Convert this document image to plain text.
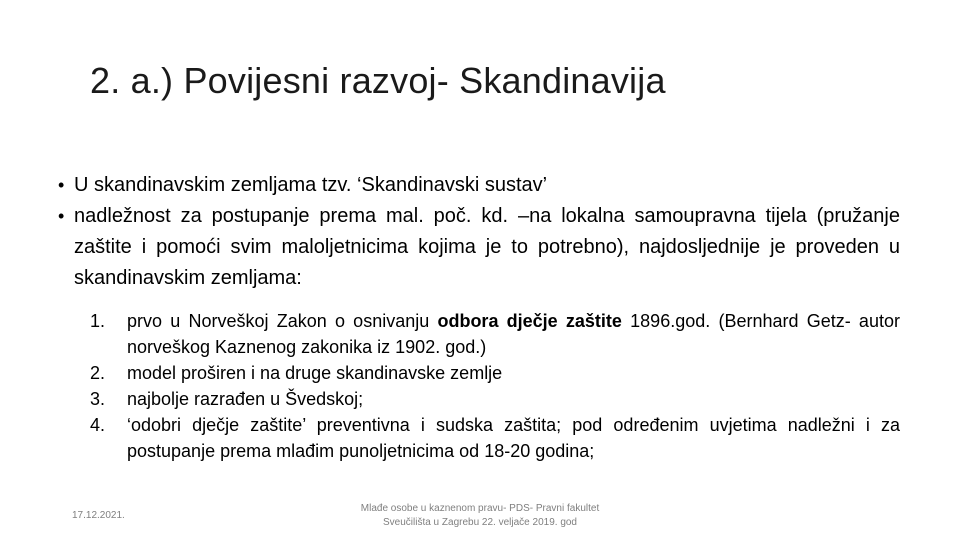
2. a.) Povijesni razvoj- Skandinavija
• U skandinavskim zemljama tzv. ‘Skandinavski sustav’
• nadležnost za postupanje prema mal. poč. kd. –na lokalna samoupravna tijela (pružanje zaštite i pomoći svim maloljetnicima kojima je to potrebno), najdosljednije je proveden u skandinavskim zemljama:
1. prvo u Norveškoj Zakon o osnivanju odbora dječje zaštite 1896.god. (Bernhard Getz- autor norveškog Kaznenog zakonika iz 1902. god.)
2. model proširen i na druge skandinavske zemlje
3. najbolje razrađen u Švedskoj;
4. ‘odobri dječje zaštite’ preventivna i sudska zaštita; pod određenim uvjetima nadležni i za postupanje prema mlađim punoljetnicima od 18-20 godina;
17.12.2021.
Mlađe osobe u kaznenom pravu- PDS- Pravni fakultet
Sveučilišta u Zagrebu 22. veljače 2019. god
